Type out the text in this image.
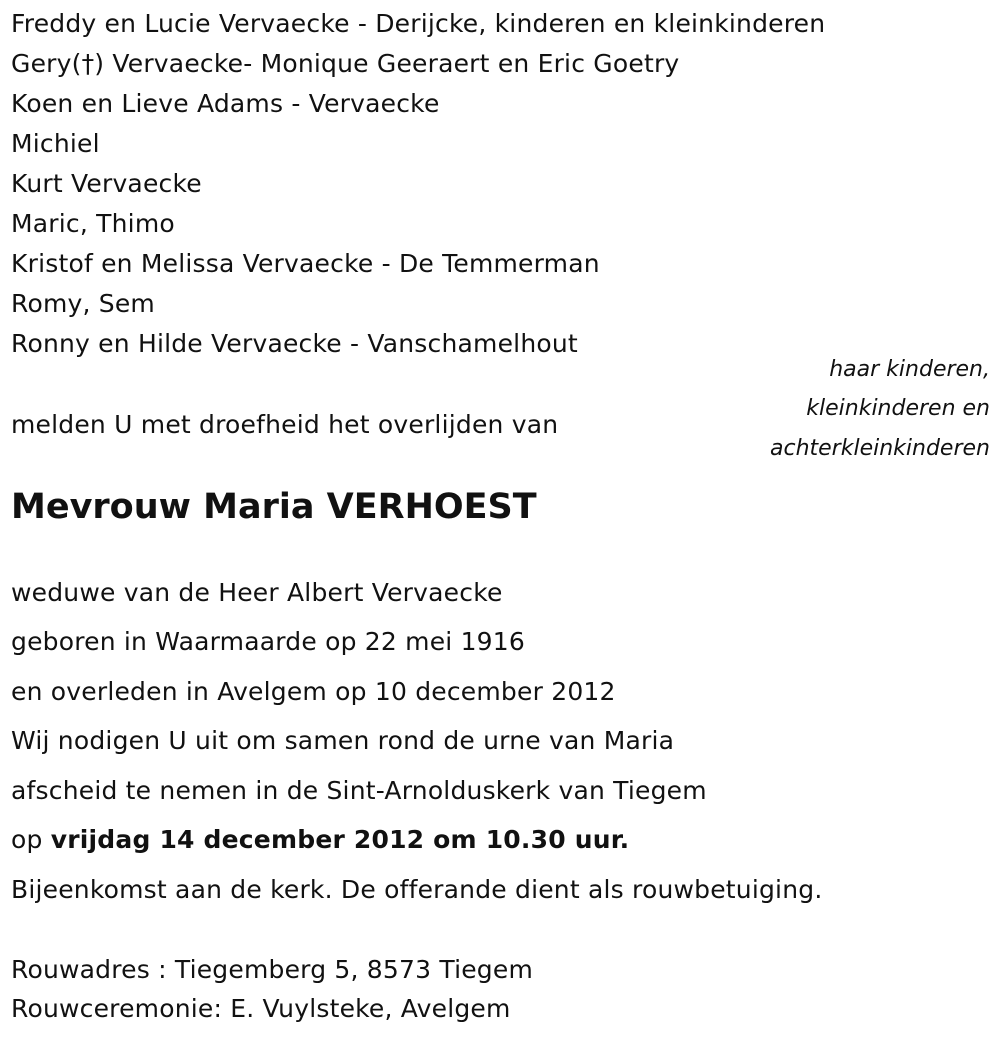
Freddy en Lucie Vervaecke - Derijcke, kinderen en kleinkinderen
Gery(†) Vervaecke- Monique Geeraert en Eric Goetry
Koen en Lieve Adams - Vervaecke
Michiel
Kurt Vervaecke
Maric, Thimo
Kristof en Melissa Vervaecke - De Temmerman
Romy, Sem
Ronny en Hilde Vervaecke - Vanschamelhout
haar kinderen,
kleinkinderen en
achterkleinkinderen
melden U met droefheid het overlijden van
Mevrouw Maria VERHOEST
weduwe van de Heer Albert Vervaecke
geboren in Waarmaarde op 22 mei 1916
en overleden in Avelgem op 10 december 2012
Wij nodigen U uit om samen rond de urne van Maria
afscheid te nemen in de Sint-Arnolduskerk van Tiegem
op vrijdag 14 december 2012 om 10.30 uur.
Bijeenkomst aan de kerk. De offerande dient als rouwbetuiging.
Rouwadres : Tiegemberg 5, 8573 Tiegem
Rouwceremonie: E. Vuylsteke, Avelgem
